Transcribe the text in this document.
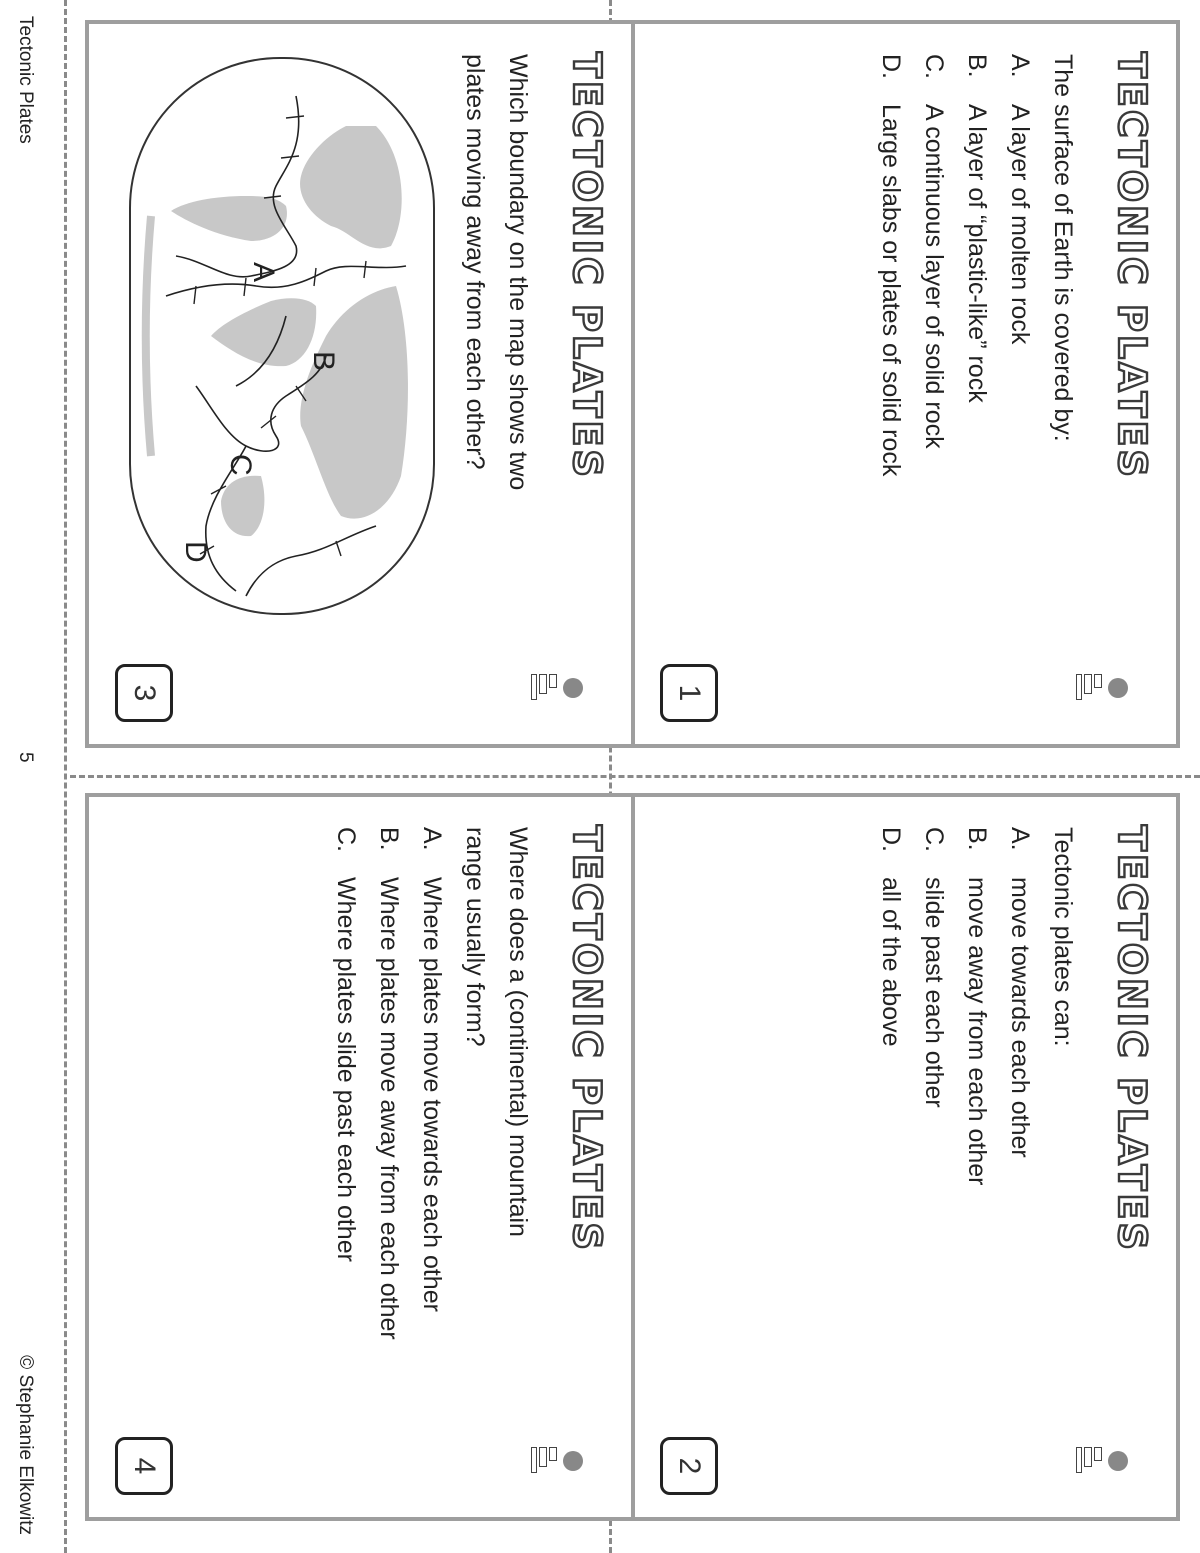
Tectonic Plates
5
© Stephanie Elkowitz
TECTONIC PLATES
The surface of Earth is covered by:
A.
A layer of molten rock
B.
A layer of “plastic-like” rock
C.
A continuous layer of solid rock
D.
Large slabs or plates of solid rock
1
TECTONIC PLATES
Tectonic plates can:
A.
move towards each other
B.
move away from each other
C.
slide past each other
D.
all of the above
2
TECTONIC PLATES
Which boundary on the map shows two
plates moving away from each other?
A
B
C
D
3
TECTONIC PLATES
Where does a (continental) mountain
range usually form?
A.
Where plates move towards each other
B.
Where plates move away from each other
C.
Where plates slide past each other
4
